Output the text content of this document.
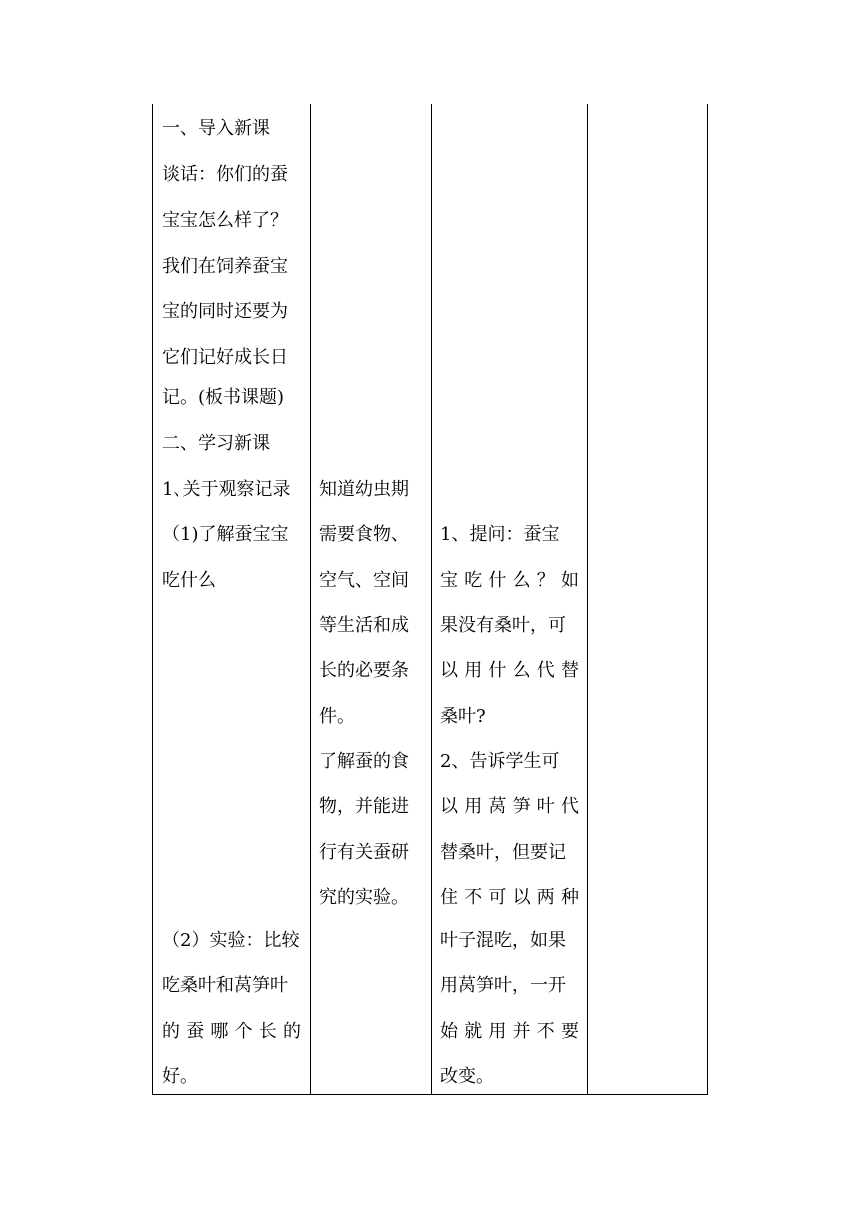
一、导入新课
谈话：你们的蚕
宝宝怎么样了？
我们在饲养蚕宝
宝的同时还要为
它们记好成长日
记。(板书课题)
二、学习新课
1､关于观察记录
（1)了解蚕宝宝
吃什么
（2）实验：比较
吃桑叶和莴笋叶
的蚕哪个长的
好。
知道幼虫期
需要食物、
空气、空间
等生活和成
长的必要条
件。
了解蚕的食
物，并能进
行有关蚕研
究的实验。
1、提问：蚕宝
宝吃什么？如
果没有桑叶，可
以用什么代替
桑叶?
2、告诉学生可
以用莴笋叶代
替桑叶，但要记
住不可以两种
叶子混吃，如果
用莴笋叶，一开
始就用并不要
改变。
